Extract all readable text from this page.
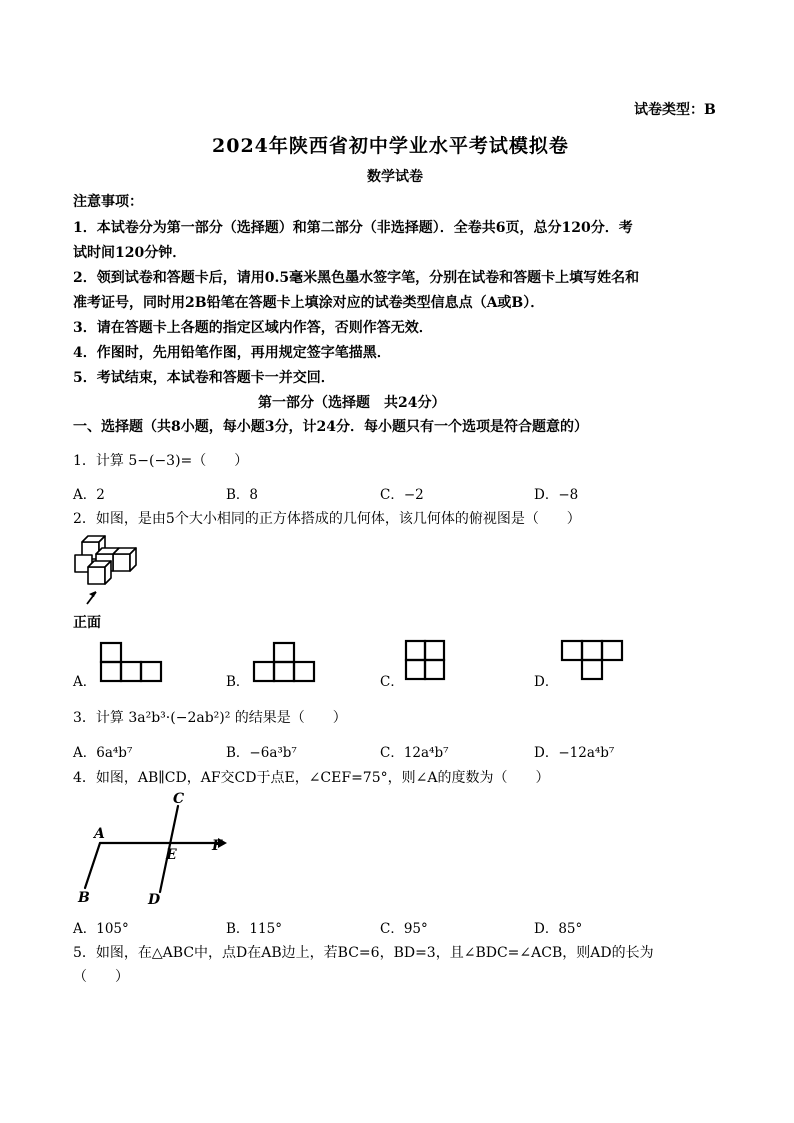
试卷类型：B
2024年陕西省初中学业水平考试模拟卷
数学试卷
注意事项：
1．本试卷分为第一部分（选择题）和第二部分（非选择题）．全卷共6页，总分120分．考
试时间120分钟．
2．领到试卷和答题卡后，请用0.5毫米黑色墨水签字笔，分别在试卷和答题卡上填写姓名和
准考证号，同时用2B铅笔在答题卡上填涂对应的试卷类型信息点（A或B）．
3．请在答题卡上各题的指定区域内作答，否则作答无效．
4．作图时，先用铅笔作图，再用规定签字笔描黑．
5．考试结束，本试卷和答题卡一并交回．
第一部分（选择题　共24分）
一、选择题（共8小题，每小题3分，计24分．每小题只有一个选项是符合题意的）
1．计算 5−(−3)=（　　）
A．2	B．8	C．−2	D．−8
2．如图，是由5个大小相同的正方体搭成的几何体，该几何体的俯视图是（　　）
正面
A．	B．	C．	D．
3．计算 3a²b³·(−2ab²)² 的结果是（　　）
A．6a⁴b⁷	B．−6a³b⁷	C．12a⁴b⁷	D．−12a⁴b⁷
4．如图，AB∥CD，AF交CD于点E，∠CEF=75°，则∠A的度数为（　　）
A
B
C
D
E
F
A．105°	B．115°	C．95°	D．85°
5．如图，在△ABC中，点D在AB边上，若BC=6，BD=3，且∠BDC=∠ACB，则AD的长为
（　　）
